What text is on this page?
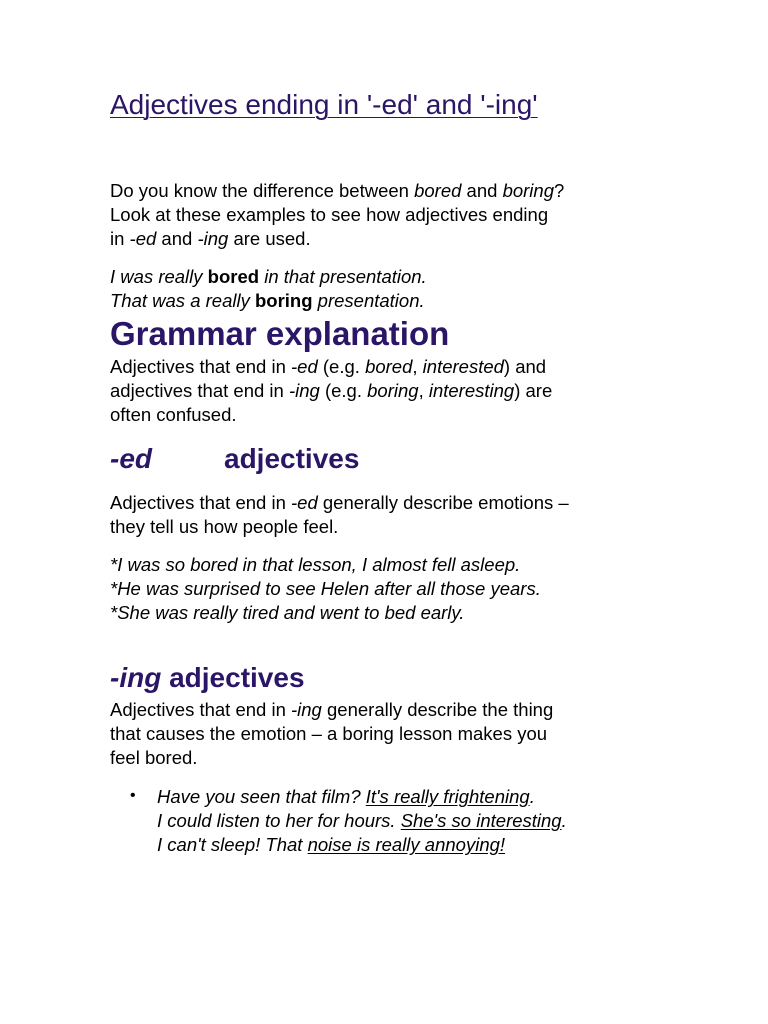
Adjectives ending in '-ed' and '-ing'
Do you know the difference between bored and boring?
Look at these examples to see how adjectives ending
in -ed and -ing are used.
I was really bored in that presentation.
That was a really boring presentation.
Grammar explanation
Adjectives that end in -ed (e.g. bored, interested) and
adjectives that end in -ing (e.g. boring, interesting) are
often confused.
-ed	adjectives
Adjectives that end in -ed generally describe emotions –
they tell us how people feel.
*I was so bored in that lesson, I almost fell asleep.
*He was surprised to see Helen after all those years.
*She was really tired and went to bed early.
-ing adjectives
Adjectives that end in -ing generally describe the thing
that causes the emotion – a boring lesson makes you
feel bored.
• Have you seen that film? It's really frightening.
I could listen to her for hours. She's so interesting.
I can't sleep! That noise is really annoying!
